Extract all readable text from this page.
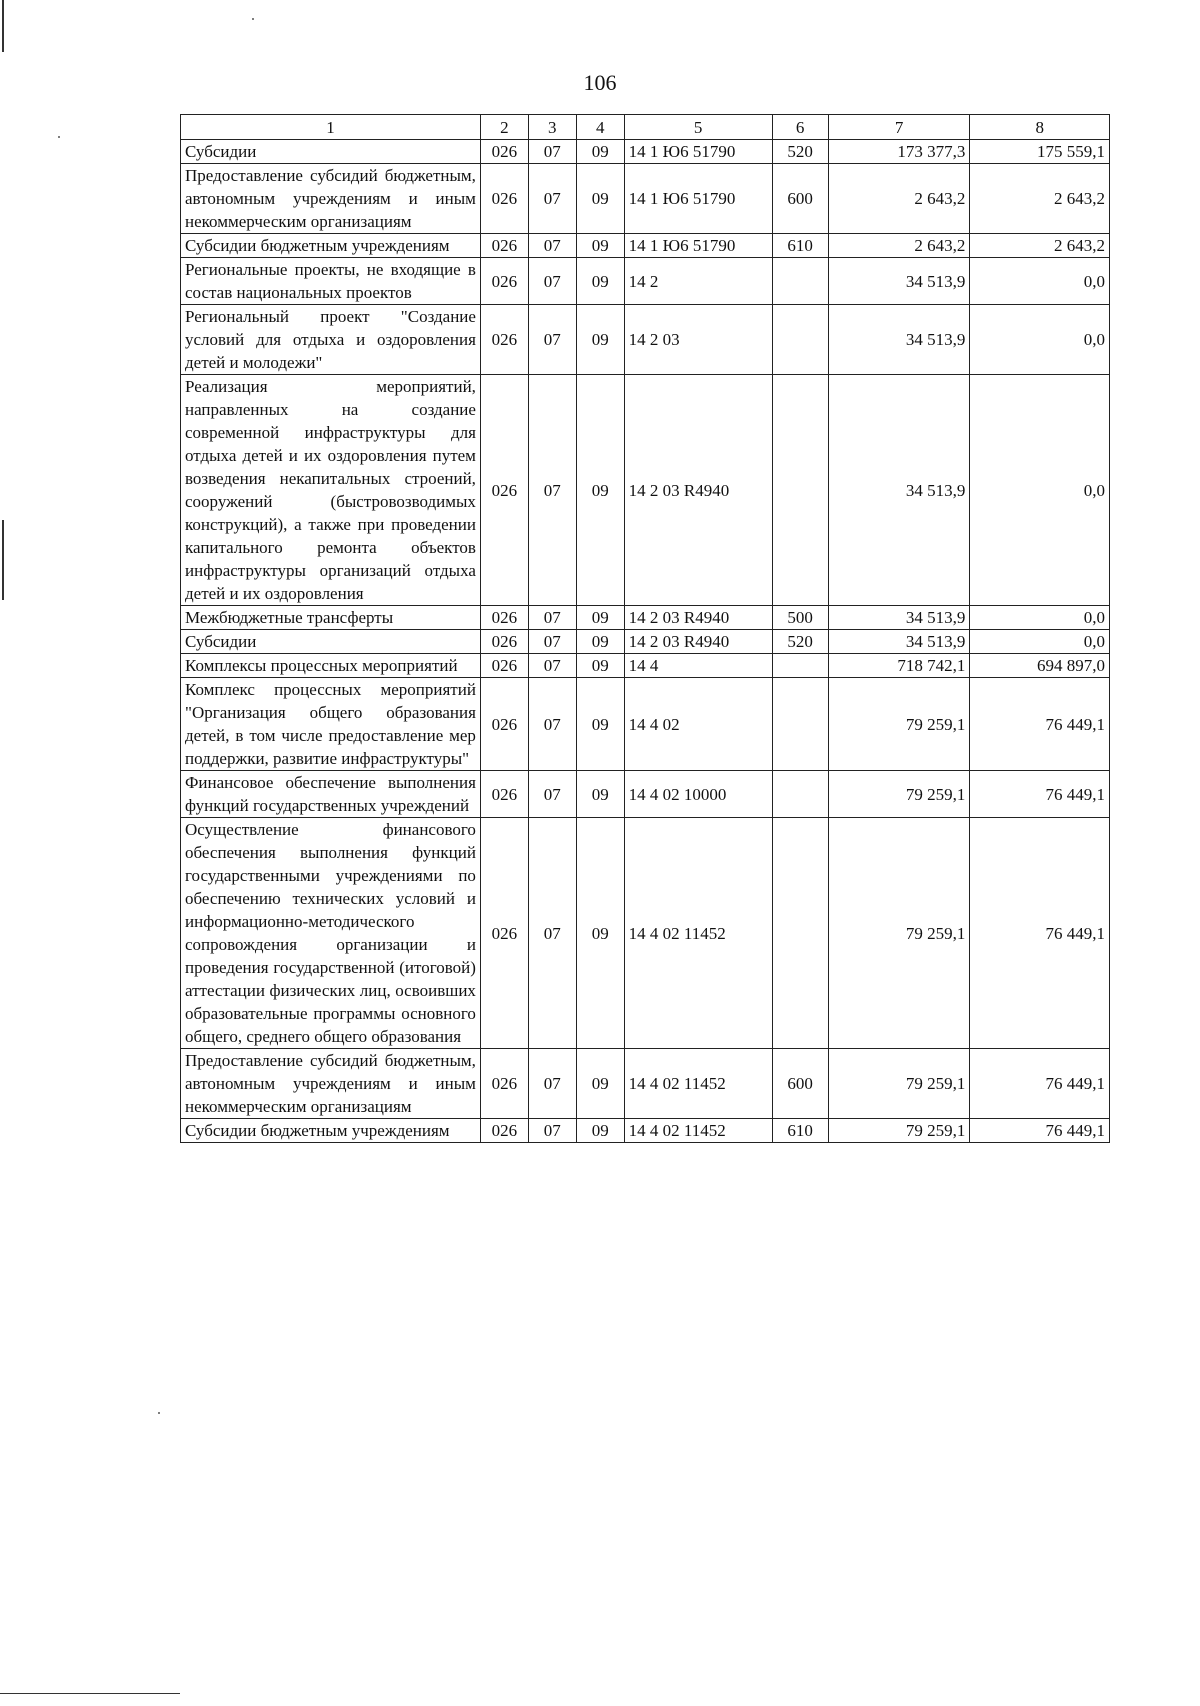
106
1	2	3	4	5	6	7	8
Субсидии	026	07	09	14 1 Ю6 51790	520	173 377,3	175 559,1
Предоставление субсидий бюджетным, автономным учреждениям и иным некоммерческим организациям	026	07	09	14 1 Ю6 51790	600	2 643,2	2 643,2
Субсидии бюджетным учреждениям	026	07	09	14 1 Ю6 51790	610	2 643,2	2 643,2
Региональные проекты, не входящие в состав национальных проектов	026	07	09	14 2		34 513,9	0,0
Региональный проект "Создание условий для отдыха и оздоровления детей и молодежи"	026	07	09	14 2 03		34 513,9	0,0
Реализация мероприятий, направленных на создание современной инфраструктуры для отдыха детей и их оздоровления путем возведения некапитальных строений, сооружений (быстровозводимых конструкций), а также при проведении капитального ремонта объектов инфраструктуры организаций отдыха детей и их оздоровления	026	07	09	14 2 03 R4940		34 513,9	0,0
Межбюджетные трансферты	026	07	09	14 2 03 R4940	500	34 513,9	0,0
Субсидии	026	07	09	14 2 03 R4940	520	34 513,9	0,0
Комплексы процессных мероприятий	026	07	09	14 4		718 742,1	694 897,0
Комплекс процессных мероприятий "Организация общего образования детей, в том числе предоставление мер поддержки, развитие инфраструктуры"	026	07	09	14 4 02		79 259,1	76 449,1
Финансовое обеспечение выполнения функций государственных учреждений	026	07	09	14 4 02 10000		79 259,1	76 449,1
Осуществление финансового обеспечения выполнения функций государственными учреждениями по обеспечению технических условий и информационно-методического сопровождения организации и проведения государственной (итоговой) аттестации физических лиц, освоивших образовательные программы основного общего, среднего общего образования	026	07	09	14 4 02 11452		79 259,1	76 449,1
Предоставление субсидий бюджетным, автономным учреждениям и иным некоммерческим организациям	026	07	09	14 4 02 11452	600	79 259,1	76 449,1
Субсидии бюджетным учреждениям	026	07	09	14 4 02 11452	610	79 259,1	76 449,1
